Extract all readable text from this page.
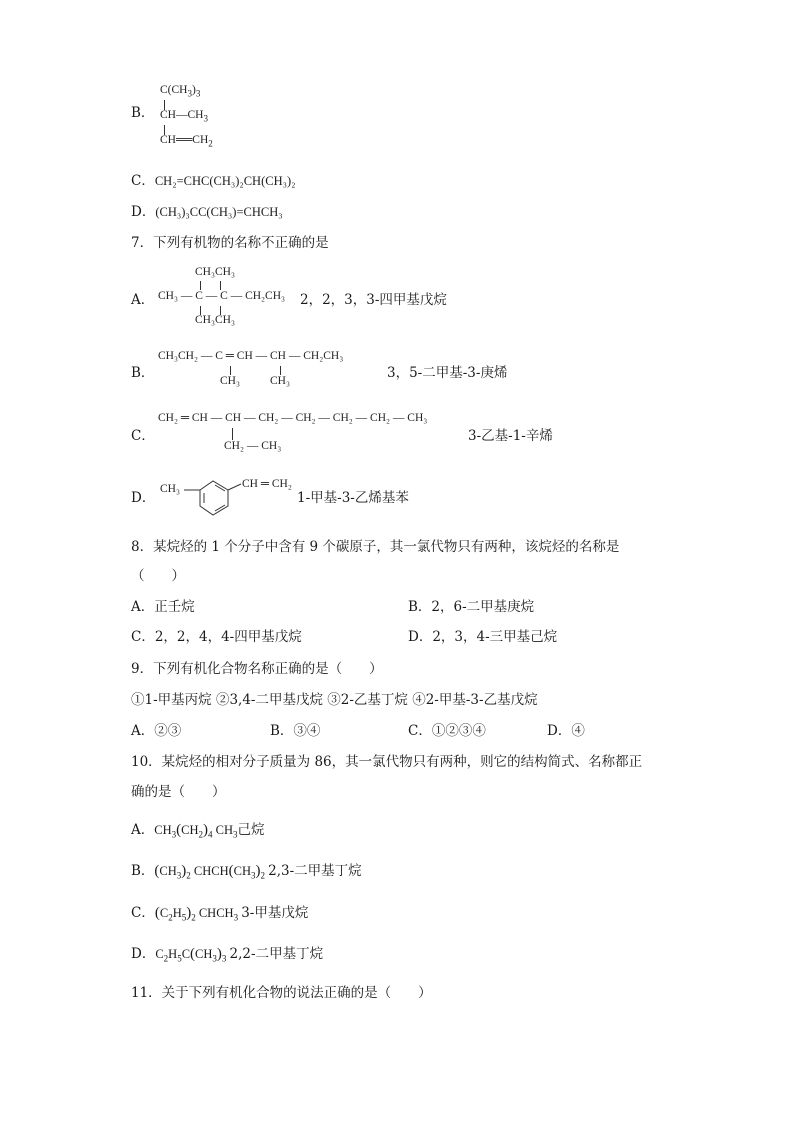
B．
$C(CH_3)_3$
$CH—CH_3$
$CH══CH_2$
C．CH₂=CHC(CH₃)₂CH(CH₃)₂
D．(CH₃)₃CC(CH₃)=CHCH₃
7．下列有机物的名称不正确的是
A．
CH₃CH₃
CH₃ — C — C — CH₂CH₃
CH₃CH₃
2，2，3，3-四甲基戊烷
B．
CH₃CH₂ — C ═ CH — CH — CH₂CH₃
CH₃	CH₃	3，5-二甲基-3-庚烯
C．
CH₂ ═ CH — CH — CH₂ — CH₂ — CH₂ — CH₂ — CH₃
CH₂ — CH₃
3-乙基-1-辛烯
D．
CH₃	CH ═ CH₂
1-甲基-3-乙烯基苯
8．某烷烃的 1 个分子中含有 9 个碳原子，其一氯代物只有两种，该烷烃的名称是
（　　）
A．正壬烷	B．2，6-二甲基庚烷
C．2，2，4，4-四甲基戊烷	D．2，3，4-三甲基己烷
9．下列有机化合物名称正确的是（　　）
①1-甲基丙烷 ②3,4-二甲基戊烷 ③2-乙基丁烷 ④2-甲基-3-乙基戊烷
A．②③	B．③④	C．①②③④	D．④
10．某烷烃的相对分子质量为 86，其一氯代物只有两种，则它的结构简式、名称都正
确的是（　　）
A．$CH_3(CH_2)_4$ $CH_3$己烷
B．$(CH_3)_2$ $CHCH(CH_3)_2$ 2,3-二甲基丁烷
C．$(C_2H_5)_2$ $CHCH_3$ 3-甲基戊烷
D．$C_2H_5C(CH_3)_3$ 2,2-二甲基丁烷
11．关于下列有机化合物的说法正确的是（　　）
